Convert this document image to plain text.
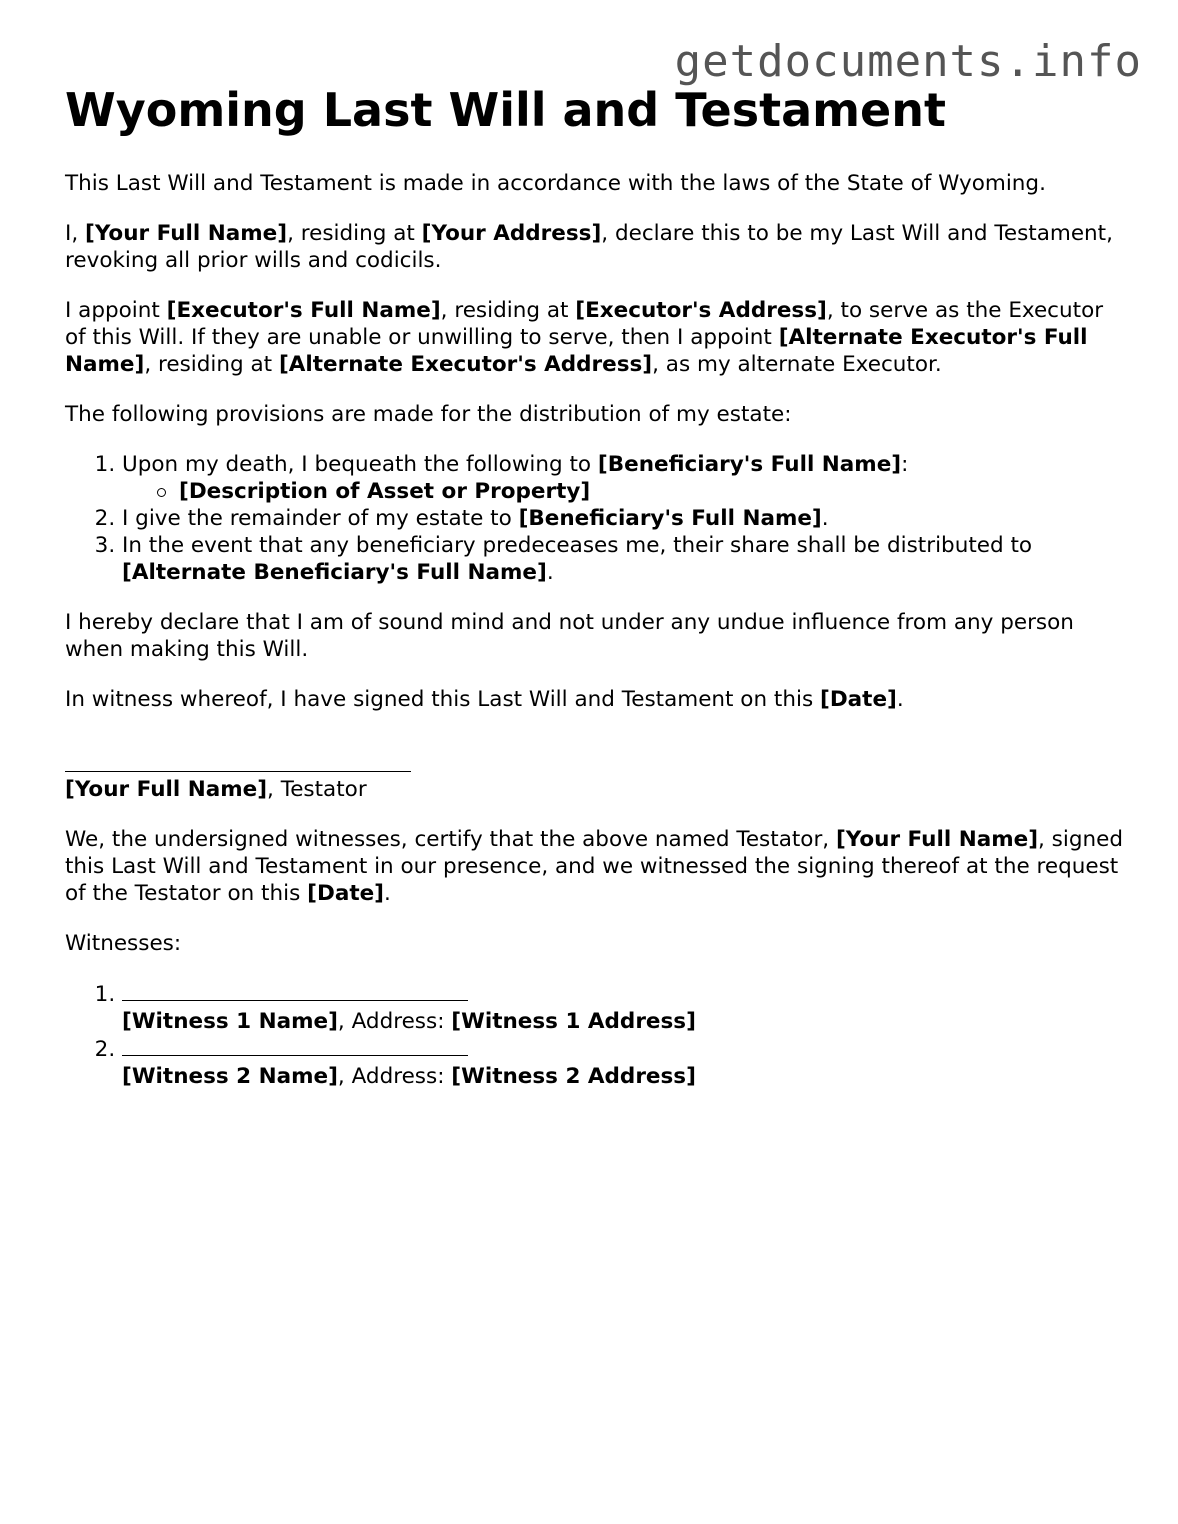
getdocuments.info
Wyoming Last Will and Testament

This Last Will and Testament is made in accordance with the laws of the State of Wyoming.

I, [Your Full Name], residing at [Your Address], declare this to be my Last Will and Testament, revoking all prior wills and codicils.

I appoint [Executor's Full Name], residing at [Executor's Address], to serve as the Executor of this Will. If they are unable or unwilling to serve, then I appoint [Alternate Executor's Full Name], residing at [Alternate Executor's Address], as my alternate Executor.

The following provisions are made for the distribution of my estate:

1. Upon my death, I bequeath the following to [Beneficiary's Full Name]:
[Description of Asset or Property]
2. I give the remainder of my estate to [Beneficiary's Full Name].
3. In the event that any beneficiary predeceases me, their share shall be distributed to [Alternate Beneficiary's Full Name].

I hereby declare that I am of sound mind and not under any undue influence from any person when making this Will.

In witness whereof, I have signed this Last Will and Testament on this [Date].

[Your Full Name], Testator

We, the undersigned witnesses, certify that the above named Testator, [Your Full Name], signed this Last Will and Testament in our presence, and we witnessed the signing thereof at the request of the Testator on this [Date].

Witnesses:

1. [Witness 1 Name], Address: [Witness 1 Address]

2. [Witness 2 Name], Address: [Witness 2 Address]
